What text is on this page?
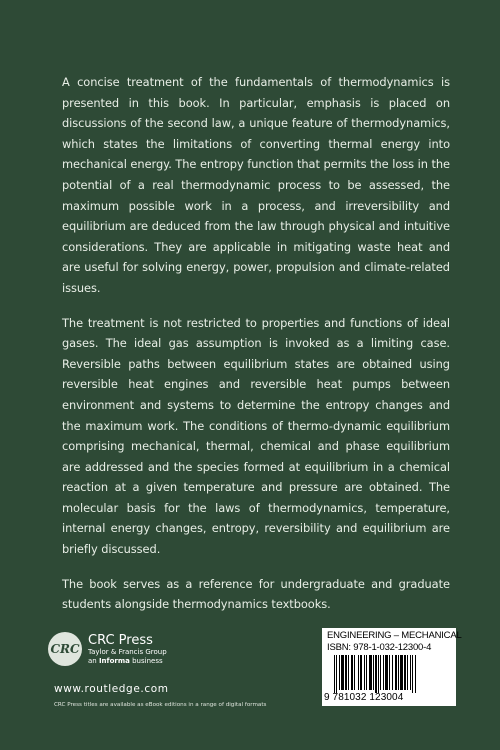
A concise treatment of the fundamentals of thermodynamics is presented in this book. In particular, emphasis is placed on discussions of the second law, a unique feature of thermodynamics, which states the limitations of converting thermal energy into mechanical energy. The entropy function that permits the loss in the potential of a real thermodynamic process to be assessed, the maximum possible work in a process, and irreversibility and equilibrium are deduced from the law through physical and intuitive considerations. They are applicable in mitigating waste heat and are useful for solving energy, power, propulsion and climate-related issues.

The treatment is not restricted to properties and functions of ideal gases. The ideal gas assumption is invoked as a limiting case. Reversible paths between equilibrium states are obtained using reversible heat engines and reversible heat pumps between environment and systems to determine the entropy changes and the maximum work. The conditions of thermo-dynamic equilibrium comprising mechanical, thermal, chemical and phase equilibrium are addressed and the species formed at equilibrium in a chemical reaction at a given temperature and pressure are obtained. The molecular basis for the laws of thermodynamics, temperature, internal energy changes, entropy, reversibility and equilibrium are briefly discussed.

The book serves as a reference for undergraduate and graduate students alongside thermodynamics textbooks.

CRC
CRC Press
Taylor & Francis Group
an Informa business
www.routledge.com
CRC Press titles are available as eBook editions in a range of digital formats
ENGINEERING – MECHANICAL
ISBN: 978-1-032-12300-4
9 781032 123004
